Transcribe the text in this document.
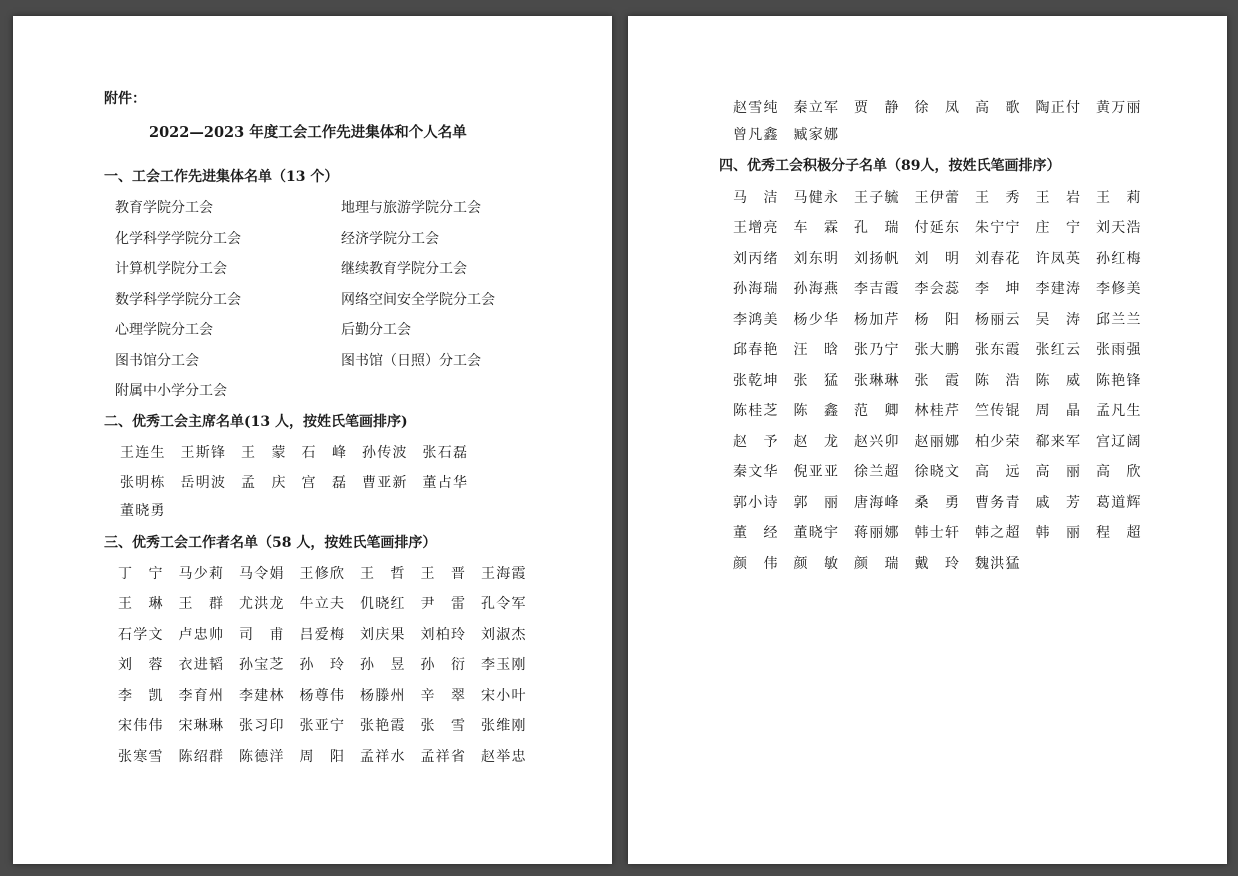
附件：
2022—2023 年度工会工作先进集体和个人名单
一、工会工作先进集体名单（13 个）
教育学院分工会	地理与旅游学院分工会
化学科学学院分工会	经济学院分工会
计算机学院分工会	继续教育学院分工会
数学科学学院分工会	网络空间安全学院分工会
心理学院分工会	后勤分工会
图书馆分工会	图书馆（日照）分工会
附属中小学分工会
二、优秀工会主席名单(13 人，按姓氏笔画排序)
王连生	王斯锋	王　蒙	石　峰	孙传波	张石磊
张明栋	岳明波	孟　庆	宫　磊	曹亚新	董占华
董晓勇
三、优秀工会工作者名单（58 人，按姓氏笔画排序）
丁　宁	马少莉	马令娟	王修欣	王　哲	王　晋	王海霞
王　琳	王　群	尤洪龙	牛立夫	仉晓红	尹　雷	孔令军
石学文	卢忠帅	司　甫	吕爱梅	刘庆果	刘柏玲	刘淑杰
刘　蓉	衣进韬	孙宝芝	孙　玲	孙　昱	孙　衍	李玉刚
李　凯	李育州	李建林	杨尊伟	杨滕州	辛　翠	宋小叶
宋伟伟	宋琳琳	张习印	张亚宁	张艳霞	张　雪	张维刚
张寒雪	陈绍群	陈德洋	周　阳	孟祥水	孟祥省	赵举忠
赵雪纯	秦立军	贾　静	徐　凤	高　歌	陶正付	黄万丽
曾凡鑫	臧家娜
四、优秀工会积极分子名单（89人，按姓氏笔画排序）
马　洁	马健永	王子毓	王伊蕾	王　秀	王　岩	王　莉
王增亮	车　霖	孔　瑞	付延东	朱宁宁	庄　宁	刘天浩
刘丙绪	刘东明	刘扬帆	刘　明	刘春花	许凤英	孙红梅
孙海瑞	孙海燕	李吉霞	李会蕊	李　坤	李建涛	李修美
李鸿美	杨少华	杨加芹	杨　阳	杨丽云	吴　涛	邱兰兰
邱春艳	汪　晗	张乃宁	张大鹏	张东霞	张红云	张雨强
张乾坤	张　猛	张琳琳	张　霞	陈　浩	陈　威	陈艳锋
陈桂芝	陈　鑫	范　卿	林桂芹	竺传锟	周　晶	孟凡生
赵　予	赵　龙	赵兴卯	赵丽娜	柏少荣	郗来军	宫辽阔
秦文华	倪亚亚	徐兰超	徐晓文	高　远	高　丽	高　欣
郭小诗	郭　丽	唐海峰	桑　勇	曹务青	戚　芳	葛道辉
董　经	董晓宇	蒋丽娜	韩士轩	韩之超	韩　丽	程　超
颜　伟	颜　敏	颜　瑞	戴　玲	魏洪猛
